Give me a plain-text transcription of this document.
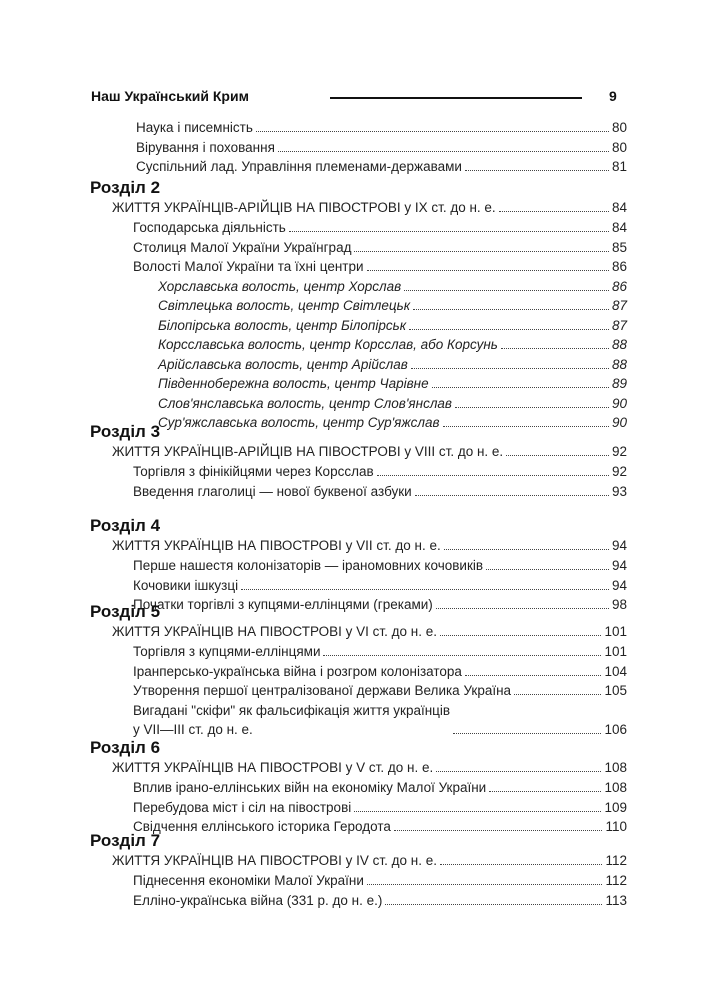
Наш Український Крим	9
Наука і писемність	80
Вірування і поховання	80
Суспільний лад. Управління племенами-державами	81
Розділ 2
ЖИТТЯ УКРАЇНЦІВ-АРІЙЦІВ НА ПІВОСТРОВІ у IX ст. до н. е.	84
Господарська діяльність	84
Столиця Малої України Українград	85
Волості Малої України та їхні центри	86
Хорславська волость, центр Хорслав	86
Світлецька волость, центр Світлецьк	87
Білопірська волость, центр Білопірськ	87
Корсславська волость, центр Корсслав, або Корсунь	88
Арійславська волость, центр Арійслав	88
Південнобережна волость, центр Чарівне	89
Слов'янславська волость, центр Слов'янслав	90
Сур'яжславська волость, центр Сур'яжслав	90
Розділ 3
ЖИТТЯ УКРАЇНЦІВ-АРІЙЦІВ НА ПІВОСТРОВІ у VIII ст. до н. е.	92
Торгівля з фінікійцями через Корсслав	92
Введення глаголиці — нової буквеної азбуки	93
Розділ 4
ЖИТТЯ УКРАЇНЦІВ НА ПІВОСТРОВІ у VII ст. до н. е.	94
Перше нашестя колонізаторів — іраномовних кочовиків	94
Кочовики ішкузці	94
Початки торгівлі з купцями-еллінцями (греками)	98
Розділ 5
ЖИТТЯ УКРАЇНЦІВ НА ПІВОСТРОВІ у VI ст. до н. е.	101
Торгівля з купцями-еллінцями	101
Іранперсько-українська війна і розгром колонізатора	104
Утворення першої централізованої держави Велика Україна	105
Вигадані "скіфи" як фальсифікація життя українців
у VII—III ст. до н. е.	106
Розділ 6
ЖИТТЯ УКРАЇНЦІВ НА ПІВОСТРОВІ у V ст. до н. е.	108
Вплив ірано-еллінських війн на економіку Малої України	108
Перебудова міст і сіл на півострові	109
Свідчення еллінського історика Геродота	110
Розділ 7
ЖИТТЯ УКРАЇНЦІВ НА ПІВОСТРОВІ у IV ст. до н. е.	112
Піднесення економіки Малої України	112
Елліно-українська війна (331 р. до н. е.)	113
